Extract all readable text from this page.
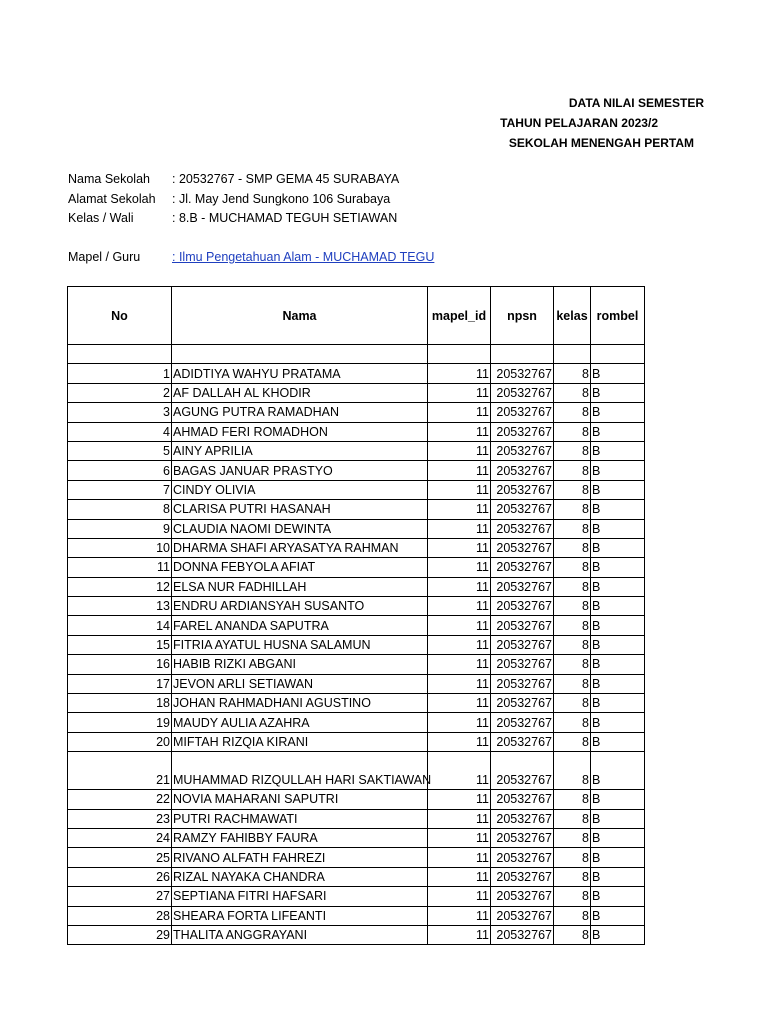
DATA NILAI SEMESTER
TAHUN PELAJARAN 2023/2
SEKOLAH MENENGAH PERTAM
Nama Sekolah : 20532767 - SMP GEMA 45 SURABAYA
Alamat Sekolah : Jl. May Jend Sungkono 106 Surabaya
Kelas / Wali	: 8.B - MUCHAMAD TEGUH SETIAWAN
Mapel / Guru	: Ilmu Pengetahuan Alam - MUCHAMAD TEGU
No	Nama	mapel_id	npsn	kelas	rombel

1	ADIDTIYA WAHYU PRATAMA	11	20532767	8	B
2	AF DALLAH AL KHODIR	11	20532767	8	B
3	AGUNG PUTRA RAMADHAN	11	20532767	8	B
4	AHMAD FERI ROMADHON	11	20532767	8	B
5	AINY APRILIA	11	20532767	8	B
6	BAGAS JANUAR PRASTYO	11	20532767	8	B
7	CINDY OLIVIA	11	20532767	8	B
8	CLARISA PUTRI HASANAH	11	20532767	8	B
9	CLAUDIA NAOMI DEWINTA	11	20532767	8	B
10	DHARMA SHAFI ARYASATYA RAHMAN	11	20532767	8	B
11	DONNA FEBYOLA AFIAT	11	20532767	8	B
12	ELSA NUR FADHILLAH	11	20532767	8	B
13	ENDRU ARDIANSYAH SUSANTO	11	20532767	8	B
14	FAREL ANANDA SAPUTRA	11	20532767	8	B
15	FITRIA AYATUL HUSNA SALAMUN	11	20532767	8	B
16	HABIB RIZKI ABGANI	11	20532767	8	B
17	JEVON ARLI SETIAWAN	11	20532767	8	B
18	JOHAN RAHMADHANI AGUSTINO	11	20532767	8	B
19	MAUDY AULIA AZAHRA	11	20532767	8	B
20	MIFTAH RIZQIA KIRANI	11	20532767	8	B
21	MUHAMMAD RIZQULLAH HARI SAKTIAWAN	11	20532767	8	B
22	NOVIA MAHARANI SAPUTRI	11	20532767	8	B
23	PUTRI RACHMAWATI	11	20532767	8	B
24	RAMZY FAHIBBY FAURA	11	20532767	8	B
25	RIVANO ALFATH FAHREZI	11	20532767	8	B
26	RIZAL NAYAKA CHANDRA	11	20532767	8	B
27	SEPTIANA FITRI HAFSARI	11	20532767	8	B
28	SHEARA FORTA LIFEANTI	11	20532767	8	B
29	THALITA ANGGRAYANI	11	20532767	8	B
